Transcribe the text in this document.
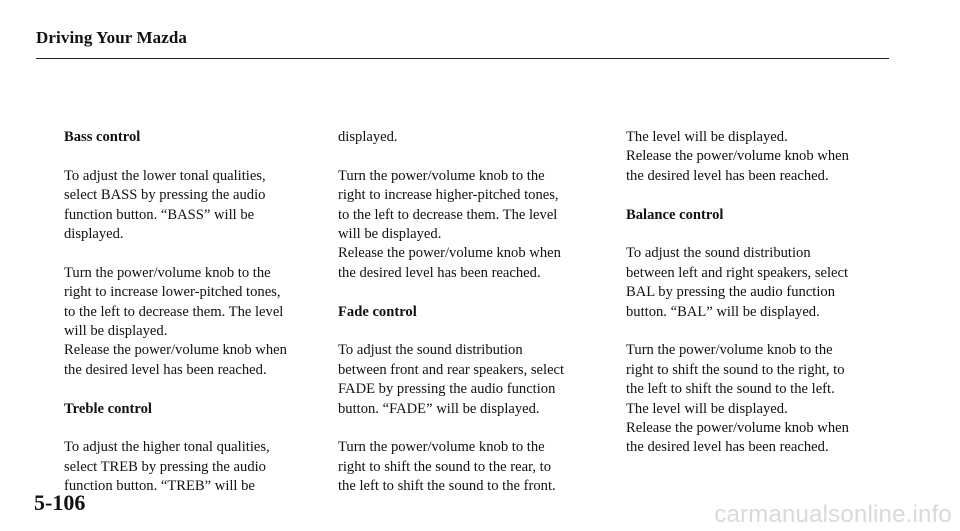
Driving Your Mazda
Bass control

To adjust the lower tonal qualities,
select BASS by pressing the audio
function button. “BASS” will be
displayed.

Turn the power/volume knob to the
right to increase lower-pitched tones,
to the left to decrease them. The level
will be displayed.
Release the power/volume knob when
the desired level has been reached.

Treble control

To adjust the higher tonal qualities,
select TREB by pressing the audio
function button. “TREB” will be

displayed.

Turn the power/volume knob to the
right to increase higher-pitched tones,
to the left to decrease them. The level
will be displayed.
Release the power/volume knob when
the desired level has been reached.

Fade control

To adjust the sound distribution
between front and rear speakers, select
FADE by pressing the audio function
button. “FADE” will be displayed.

Turn the power/volume knob to the
right to shift the sound to the rear, to
the left to shift the sound to the front.

The level will be displayed.
Release the power/volume knob when
the desired level has been reached.

Balance control

To adjust the sound distribution
between left and right speakers, select
BAL by pressing the audio function
button. “BAL” will be displayed.

Turn the power/volume knob to the
right to shift the sound to the right, to
the left to shift the sound to the left.
The level will be displayed.
Release the power/volume knob when
the desired level has been reached.

5-106	carmanualsonline.info
